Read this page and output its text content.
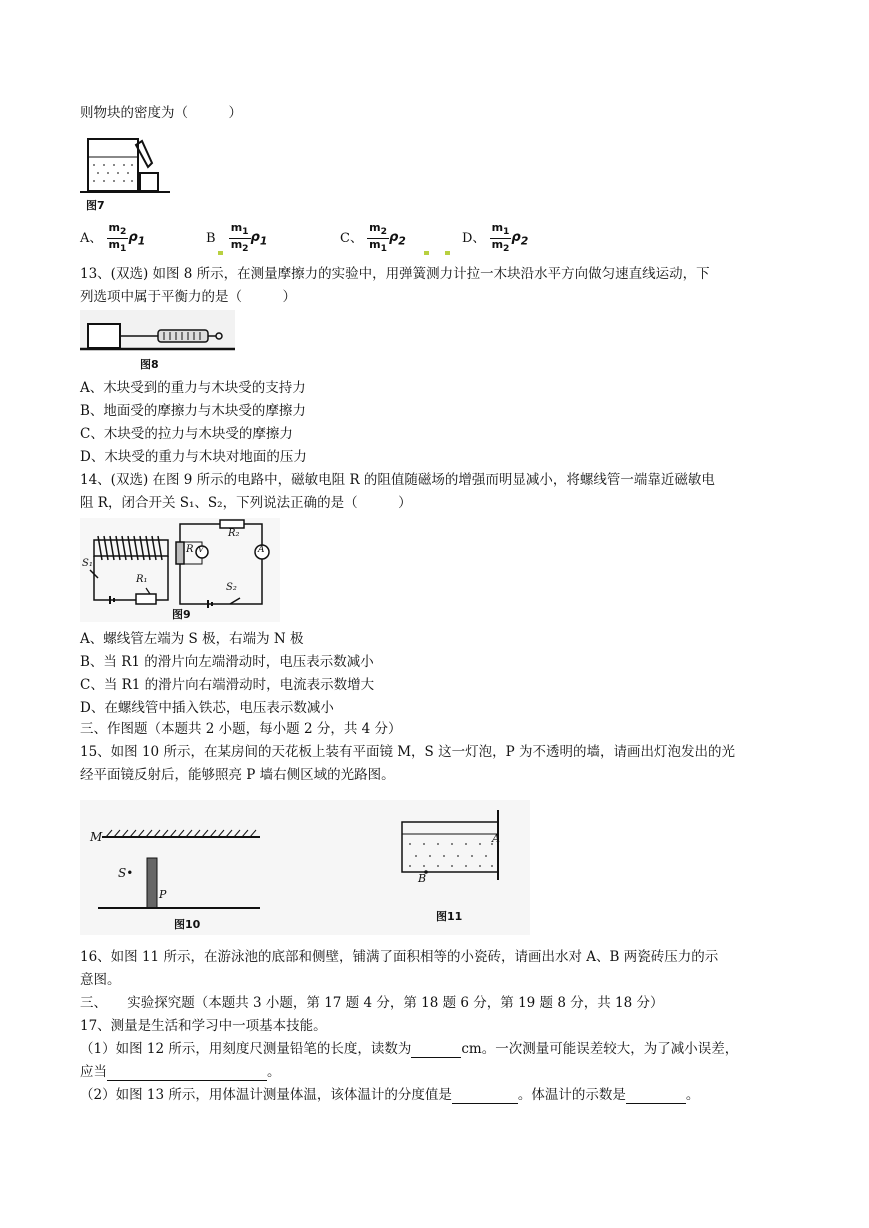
则物块的密度为（　　　）
图7
A、 $\frac{m_2}{m_1} \rho_1$	B $\frac{m_1}{m_2} \rho_1$	C、 $\frac{m_2}{m_1} \rho_2$	D、 $\frac{m_1}{m_2} \rho_2$
13、(双选) 如图 8 所示，在测量摩擦力的实验中，用弹簧测力计拉一木块沿水平方向做匀速直线运动，下
列选项中属于平衡力的是（　　　）
图8
A、木块受到的重力与木块受的支持力
B、地面受的摩擦力与木块受的摩擦力
C、木块受的拉力与木块受的摩擦力
D、木块受的重力与木块对地面的压力
14、(双选) 在图 9 所示的电路中，磁敏电阻 R 的阻值随磁场的增强而明显减小，将螺线管一端靠近磁敏电
阻 R，闭合开关 S₁、S₂，下列说法正确的是（　　　）
S₁
R₁
R V
R₂
A
S₂
图9
A、螺线管左端为 S 极，右端为 N 极
B、当 R1 的滑片向左端滑动时，电压表示数减小
C、当 R1 的滑片向右端滑动时，电流表示数增大
D、在螺线管中插入铁芯，电压表示数减小
三、作图题（本题共 2 小题，每小题 2 分，共 4 分）
15、如图 10 所示，在某房间的天花板上装有平面镜 M，S 这一灯泡，P 为不透明的墙，请画出灯泡发出的光
经平面镜反射后，能够照亮 P 墙右侧区域的光路图。
M
S•
P
图10
A
B
图11
16、如图 11 所示，在游泳池的底部和侧壁，铺满了面积相等的小瓷砖，请画出水对 A、B 两瓷砖压力的示
意图。
三、　　实验探究题（本题共 3 小题，第 17 题 4 分，第 18 题 6 分，第 19 题 8 分，共 18 分）
17、测量是生活和学习中一项基本技能。
（1）如图 12 所示，用刻度尺测量铅笔的长度，读数为	cm。一次测量可能误差较大，为了减小误差，
应当	。
（2）如图 13 所示，用体温计测量体温，该体温计的分度值是	。体温计的示数是	。
